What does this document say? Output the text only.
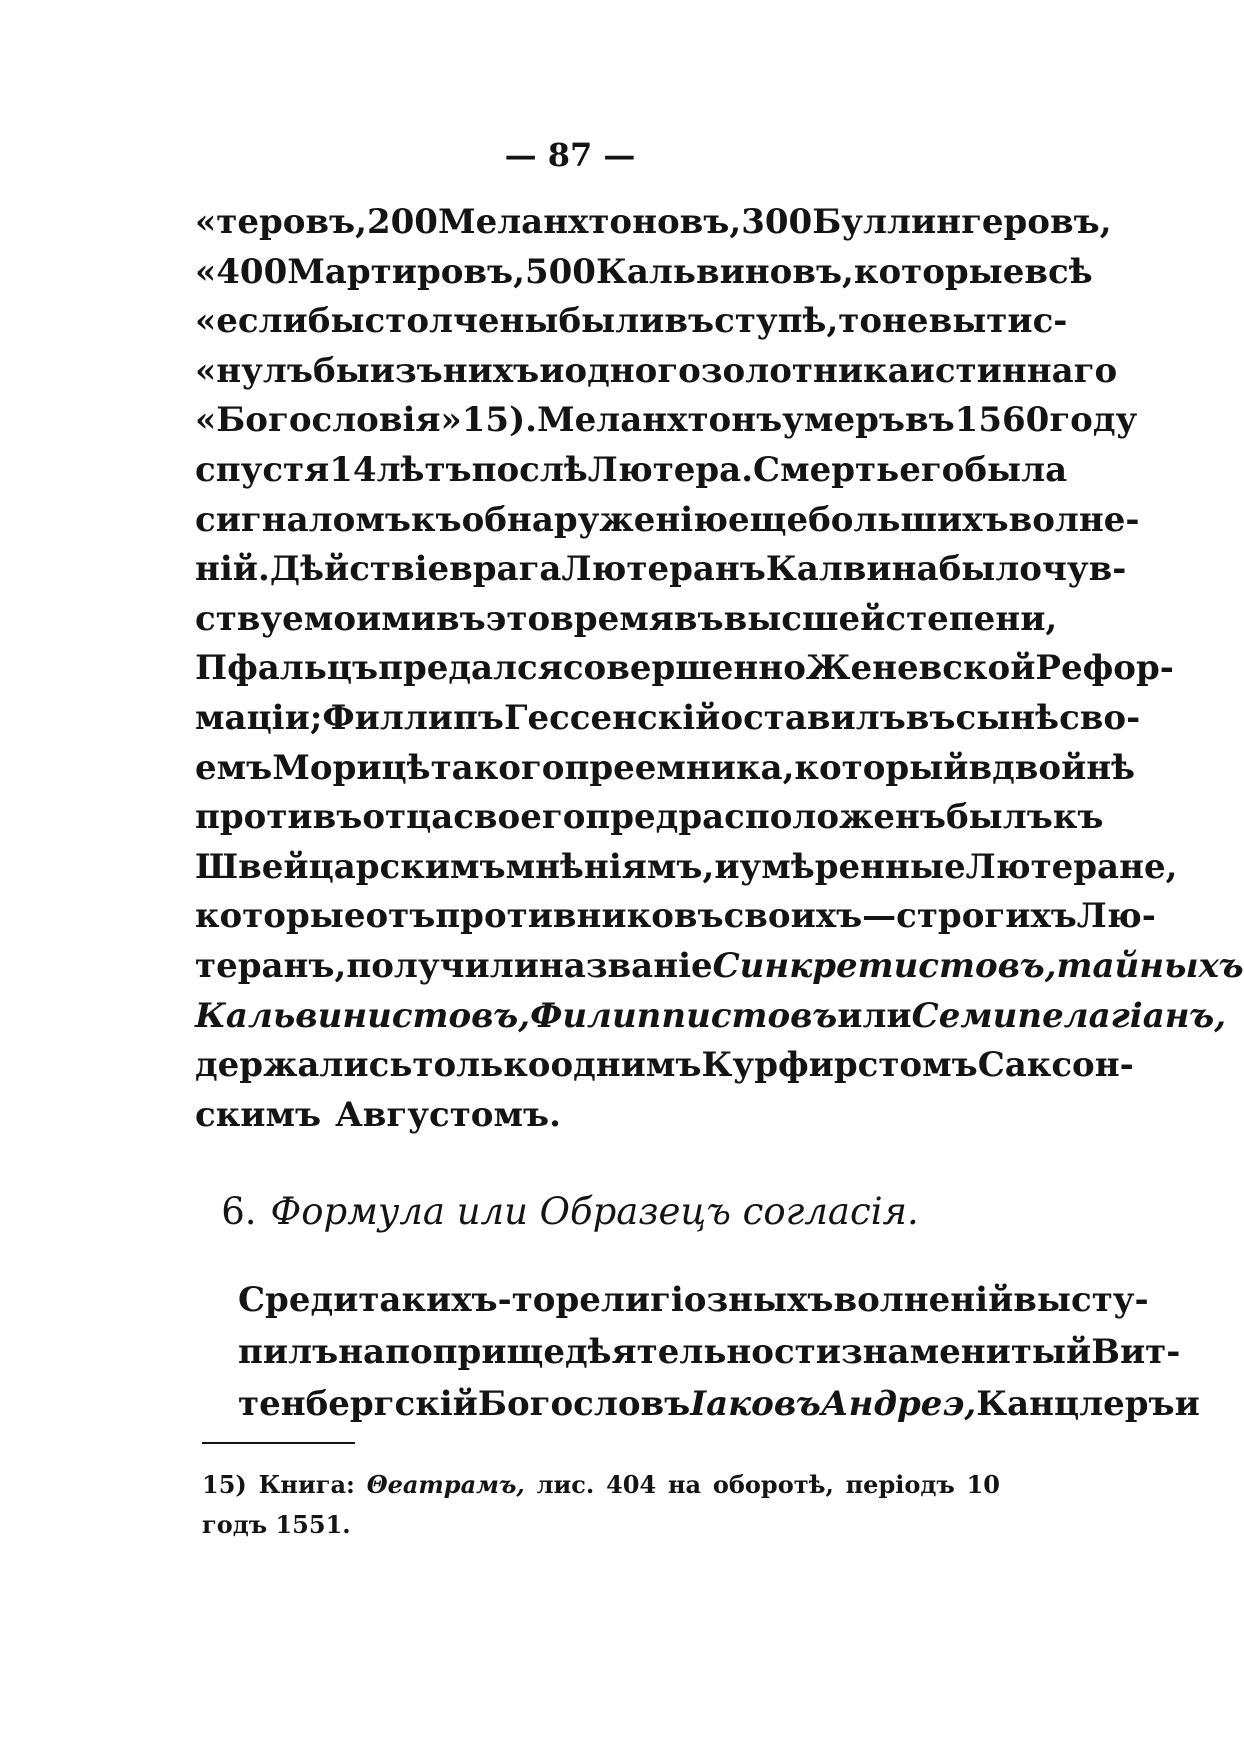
— 87 —
«теровъ, 200 Меланхтоновъ, 300 Буллингеровъ,
«400 Мартировъ, 500 Кальвиновъ, которые всѣ
«если бы столчены были въ ступѣ, то не вытис-
«нулъ бы изъ нихъ и одного золотника истиннаго
«Богословія» 15). Меланхтонъ умеръ въ 1560 году
спустя 14 лѣтъ послѣ Лютера. Смерть его была
сигналомъ къ обнаруженію еще большихъ волне-
ній. Дѣйствіе врага Лютеранъ Калвина было чув-
ствуемо ими въ это время въ высшей степени,
Пфальцъ предался совершенно Женевской Рефор-
маціи; Филлипъ Гессенскій оставилъ въ сынѣ сво-
емъ Морицѣ такого преемника, который вдвойнѣ
противъ отца своего предрасположенъ былъ къ
Швейцарскимъ мнѣніямъ, и умѣренные Лютеране,
которые отъ противниковъ своихъ—строгихъ Лю-
теранъ, получили названіе Синкретистовъ, тайныхъ
Кальвинистовъ, Филиппистовъ или Семипелагіанъ,
держались только однимъ Курфирстомъ Саксон-
скимъ Августомъ.
6. Формула или Образецъ согласія.
Среди такихъ-то религіозныхъ волненій высту-
пилъ на поприще дѣятельности знаменитый Вит-
тенбергскій Богословъ Іаковъ Андреэ, Канцлеръ и
15) Книга: Θеатрамъ, лис. 404 на оборотѣ, періодъ 10
годъ 1551.
